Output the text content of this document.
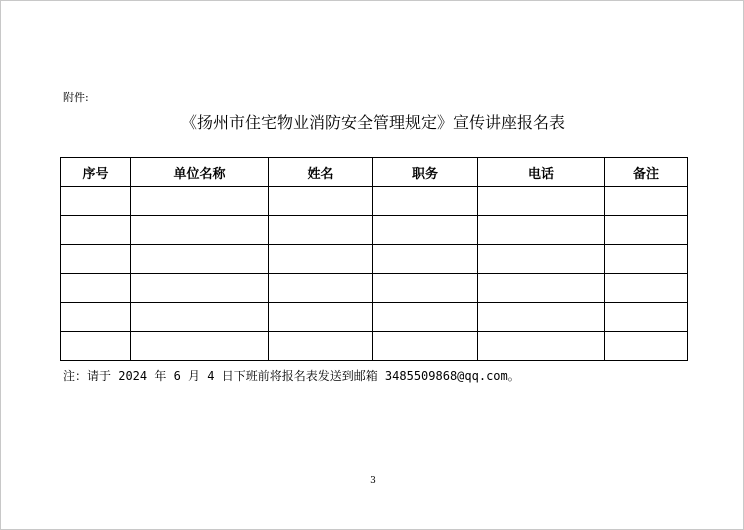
附件:
《扬州市住宅物业消防安全管理规定》宣传讲座报名表
序号	单位名称	姓名	职务	电话	备注

注：请于 2024 年 6 月 4 日下班前将报名表发送到邮箱 3485509868@qq.com。
3
